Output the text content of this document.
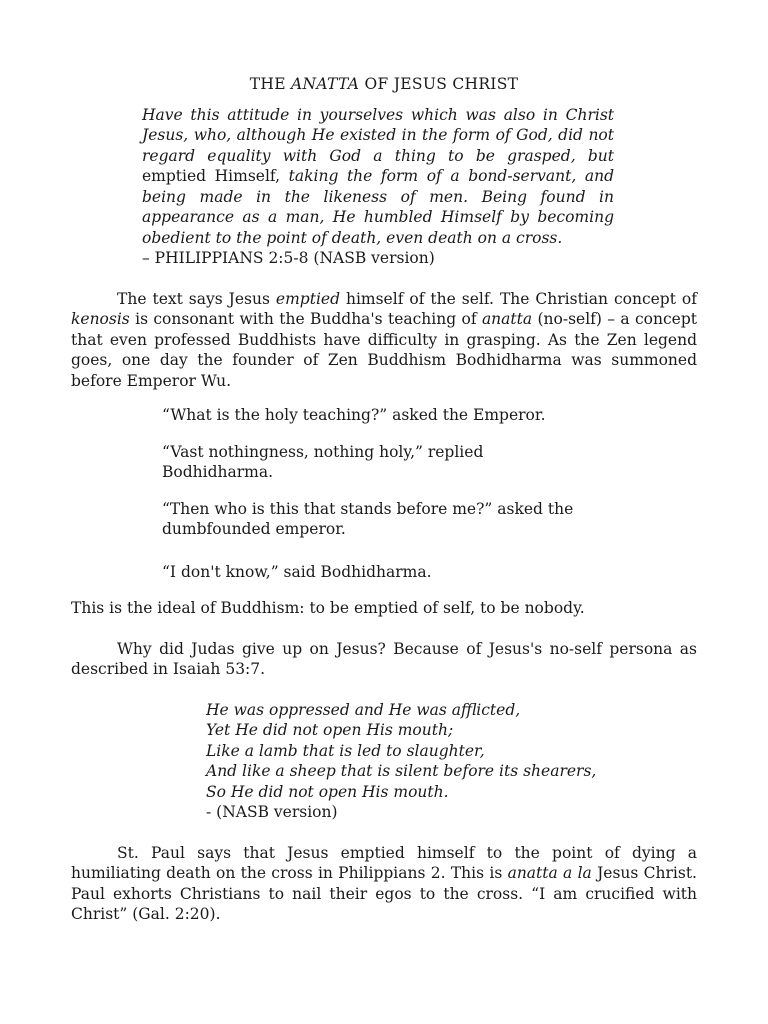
THE ANATTA OF JESUS CHRIST
Have this attitude in yourselves which was also in Christ Jesus, who, although He existed in the form of God, did not regard equality with God a thing to be grasped, but emptied Himself, taking the form of a bond-servant, and being made in the likeness of men. Being found in appearance as a man, He humbled Himself by becoming obedient to the point of death, even death on a cross.
– PHILIPPIANS 2:5-8 (NASB version)

The text says Jesus emptied himself of the self. The Christian concept of kenosis is consonant with the Buddha's teaching of anatta (no-self) – a concept that even professed Buddhists have difficulty in grasping. As the Zen legend goes, one day the founder of Zen Buddhism Bodhidharma was summoned before Emperor Wu.

“What is the holy teaching?” asked the Emperor.
“Vast nothingness, nothing holy,” replied Bodhidharma.
“Then who is this that stands before me?” asked the dumbfounded emperor.
“I don't know,” said Bodhidharma.

This is the ideal of Buddhism: to be emptied of self, to be nobody.

Why did Judas give up on Jesus? Because of Jesus's no-self persona as described in Isaiah 53:7.

He was oppressed and He was afflicted,
Yet He did not open His mouth;
Like a lamb that is led to slaughter,
And like a sheep that is silent before its shearers,
So He did not open His mouth.
- (NASB version)

St. Paul says that Jesus emptied himself to the point of dying a humiliating death on the cross in Philippians 2. This is anatta a la Jesus Christ. Paul exhorts Christians to nail their egos to the cross. “I am crucified with Christ” (Gal. 2:20).
